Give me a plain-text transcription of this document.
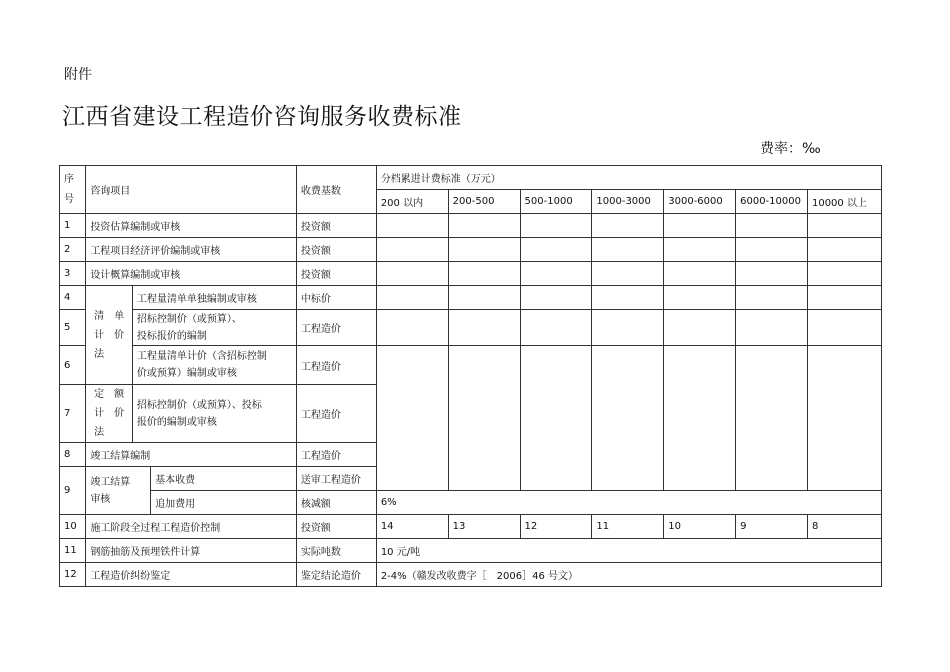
附件
江西省建设工程造价咨询服务收费标准
费率：‰
序号	咨询项目			收费基数	分档累进计费标准（万元）						
					200 以内	200-500	500-1000	1000-3000	3000-6000	6000-10000	10000 以上
1	投资估算编制或审核			投资额							
2	工程项目经济评价编制或审核			投资额							
3	设计概算编制或审核			投资额							
4	清  单
计  价
法  	工程量清单单独编制或审核		中标价							
5		招标控制价（或预算）、
投标报价的编制		工程造价							
6		工程量清单计价（含招标控制
价或预算）编制或审核		工程造价							
7	定  额
计  价
法  	招标控制价（或预算）、投标
报价的编制或审核		工程造价							
8	竣工结算编制			工程造价							
9	竣工结算
审核		基本收费	送审工程造价							
			追加费用	核减额	6%						
10	施工阶段全过程工程造价控制			投资额	14	13	12	11	10	9	8
11	钢筋抽筋及预埋铁件计算			实际吨数	10 元/吨						
12	工程造价纠纷鉴定			鉴定结论造价	2-4%（赣发改收费字［　2006］46 号文）						
